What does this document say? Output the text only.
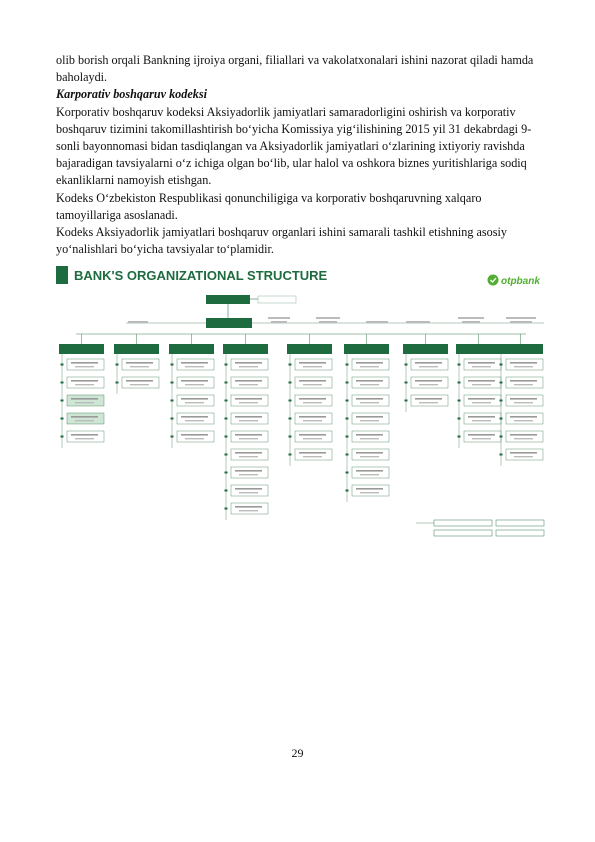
olib borish orqali Bankning ijroiya organi, filiallari va vakolatxonalari ishini nazorat qiladi hamda baholaydi.

Karporativ boshqaruv kodeksi

Korporativ boshqaruv kodeksi Aksiyadorlik jamiyatlari samaradorligini oshirish va korporativ boshqaruv tizimini takomillashtirish bo‘yicha Komissiya yig‘ilishining 2015 yil 31 dekabrdagi 9-sonli bayonnomasi bidan tasdiqlangan va Aksiyadorlik jamiyatlari o‘zlarining ixtiyoriy ravishda bajaradigan tavsiyalarni o‘z ichiga olgan bo‘lib, ular halol va oshkora biznes yuritishlariga sodiq ekanliklarni namoyish etishgan.

Kodeks O‘zbekiston Respublikasi qonunchiligiga va korporativ boshqaruvning xalqaro tamoyillariga asoslanadi.

Kodeks Aksiyadorlik jamiyatlari boshqaruv organlari ishini samarali tashkil etishning asosiy yo‘nalishlari bo‘yicha tavsiyalar to‘plamidir.

BANK'S ORGANIZATIONAL STRUCTURE	otpbank
29
